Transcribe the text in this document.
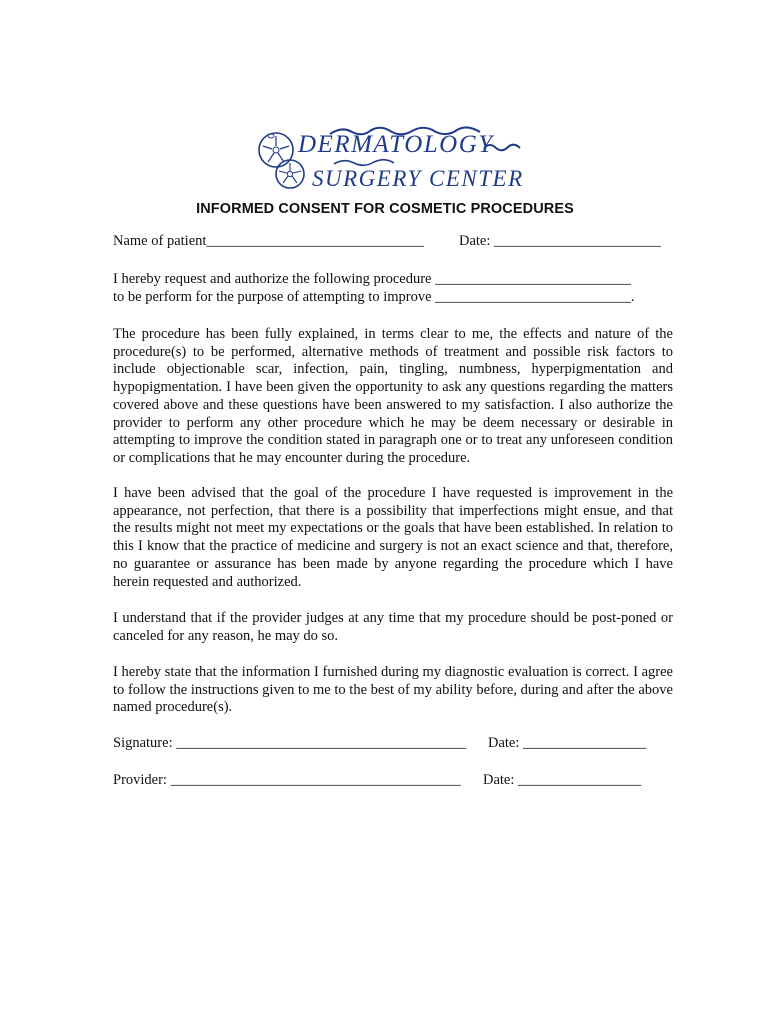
DERMATOLOGY
SURGERY CENTER
INFORMED CONSENT FOR COSMETIC PROCEDURES
Name of patient______________________________ Date: _______________________
I hereby request and authorize the following procedure ___________________________
to be perform for the purpose of attempting to improve ___________________________.

The procedure has been fully explained, in terms clear to me, the effects and nature of the procedure(s) to be performed, alternative methods of treatment and possible risk factors to include objectionable scar, infection, pain, tingling, numbness, hyperpigmentation and hypopigmentation. I have been given the opportunity to ask any questions regarding the matters covered above and these questions have been answered to my satisfaction. I also authorize the provider to perform any other procedure which he may be deem necessary or desirable in attempting to improve the condition stated in paragraph one or to treat any unforeseen condition or complications that he may encounter during the procedure.

I have been advised that the goal of the procedure I have requested is improvement in the appearance, not perfection, that there is a possibility that imperfections might ensue, and that the results might not meet my expectations or the goals that have been established. In relation to this I know that the practice of medicine and surgery is not an exact science and that, therefore, no guarantee or assurance has been made by anyone regarding the procedure which I have herein requested and authorized.

I understand that if the provider judges at any time that my procedure should be post-poned or canceled for any reason, he may do so.

I hereby state that the information I furnished during my diagnostic evaluation is correct. I agree to follow the instructions given to me to the best of my ability before, during and after the above named procedure(s).

Signature: ________________________________________ Date: _________________
Provider: ________________________________________ Date: _________________
